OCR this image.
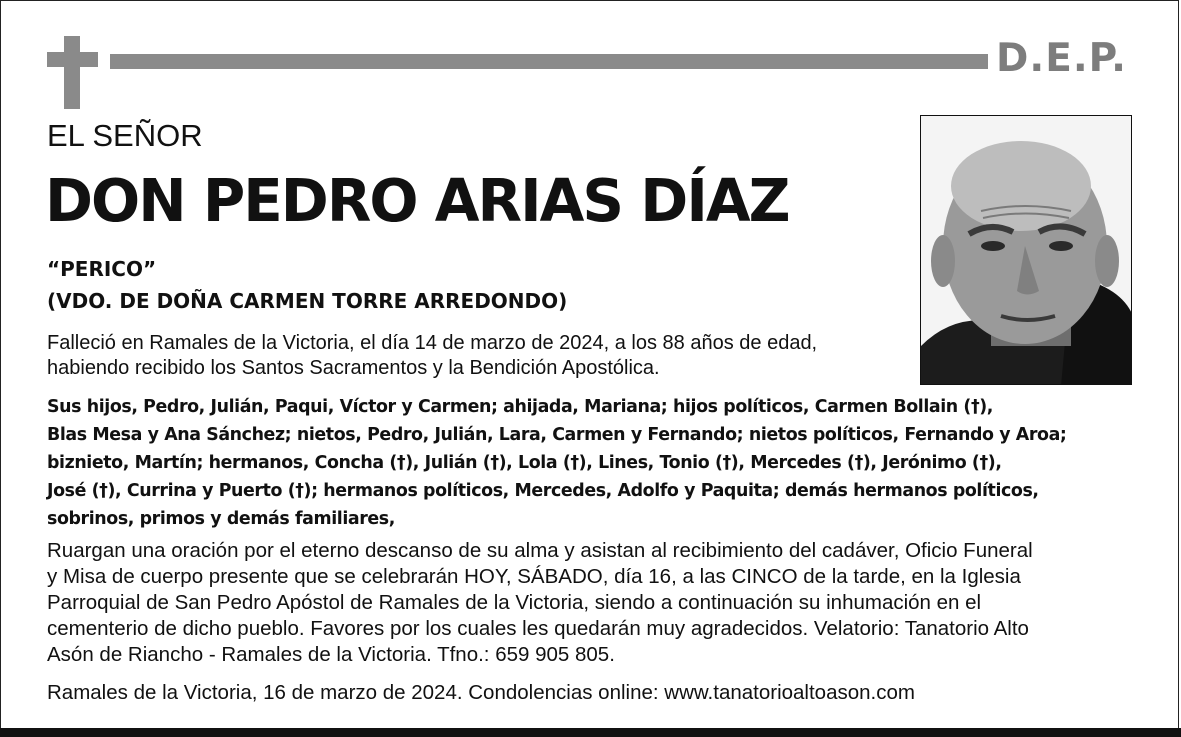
D.E.P.
EL SEÑOR
DON PEDRO ARIAS DÍAZ
“PERICO”
(VDO. DE DOÑA CARMEN TORRE ARREDONDO)
Falleció en Ramales de la Victoria, el día 14 de marzo de 2024, a los 88 años de edad,
habiendo recibido los Santos Sacramentos y la Bendición Apostólica.
Sus hijos, Pedro, Julián, Paqui, Víctor y Carmen; ahijada, Mariana; hijos políticos, Carmen Bollain (†),
Blas Mesa y Ana Sánchez; nietos, Pedro, Julián, Lara, Carmen y Fernando; nietos políticos, Fernando y Aroa;
biznieto, Martín; hermanos, Concha (†), Julián (†), Lola (†), Lines, Tonio (†), Mercedes (†), Jerónimo (†),
José (†), Currina y Puerto (†); hermanos políticos, Mercedes, Adolfo y Paquita; demás hermanos políticos,
sobrinos, primos y demás familiares,
Ruargan una oración por el eterno descanso de su alma y asistan al recibimiento del cadáver, Oficio Funeral
y Misa de cuerpo presente que se celebrarán HOY, SÁBADO, día 16, a las CINCO de la tarde, en la Iglesia
Parroquial de San Pedro Apóstol de Ramales de la Victoria, siendo a continuación su inhumación en el
cementerio de dicho pueblo. Favores por los cuales les quedarán muy agradecidos. Velatorio: Tanatorio Alto
Asón de Riancho - Ramales de la Victoria. Tfno.: 659 905 805.
Ramales de la Victoria, 16 de marzo de 2024. Condolencias online: www.tanatorioaltoason.com
